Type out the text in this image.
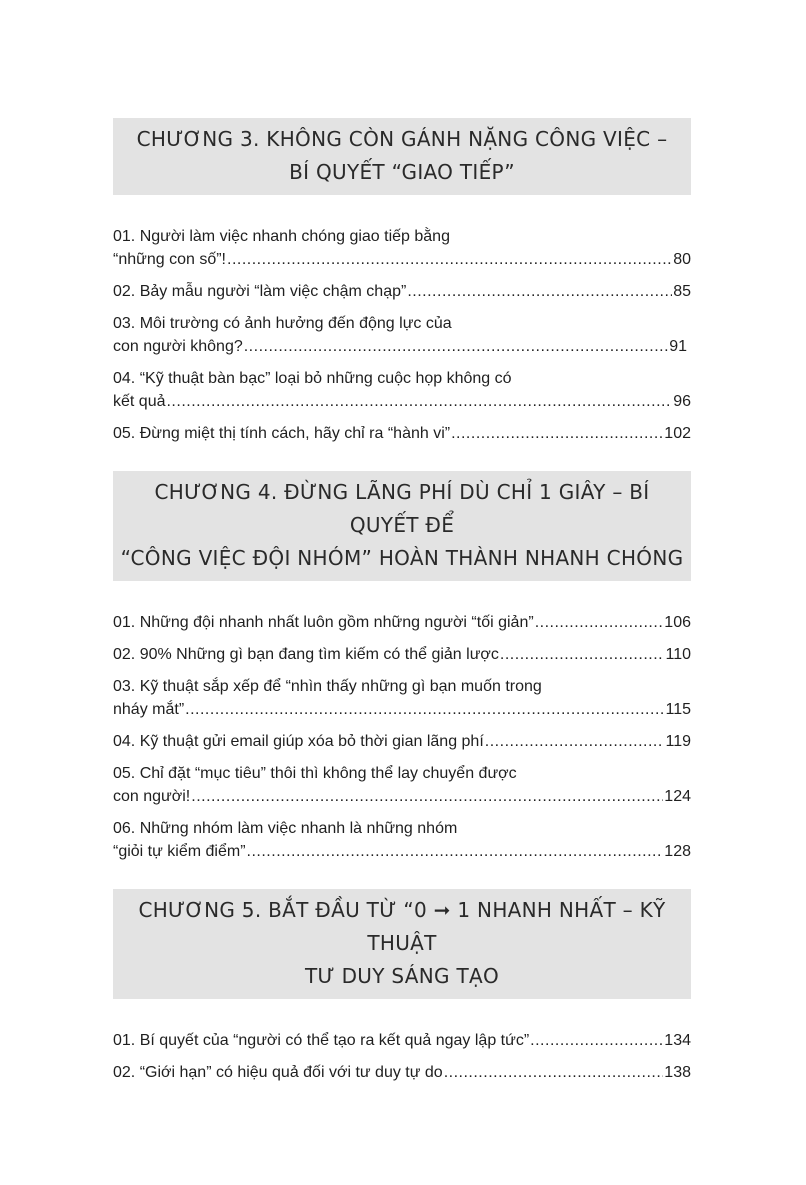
CHƯƠNG 3. KHÔNG CÒN GÁNH NẶNG CÔNG VIỆC –
BÍ QUYẾT “GIAO TIẾP”
01. Người làm việc nhanh chóng giao tiếp bằng
“những con số”! .....	80
02. Bảy mẫu người “làm việc chậm chạp” .....	85
03. Môi trường có ảnh hưởng đến động lực của
con người không? .....	91
04. “Kỹ thuật bàn bạc” loại bỏ những cuộc họp không có
kết quả .....	96
05. Đừng miệt thị tính cách, hãy chỉ ra “hành vi” .....	102
CHƯƠNG 4. ĐỪNG LÃNG PHÍ DÙ CHỈ 1 GIÂY – BÍ QUYẾT ĐỂ
“CÔNG VIỆC ĐỘI NHÓM” HOÀN THÀNH NHANH CHÓNG
01. Những đội nhanh nhất luôn gồm những người “tối giản” .....	106
02. 90% Những gì bạn đang tìm kiếm có thể giản lược .....	110
03. Kỹ thuật sắp xếp để “nhìn thấy những gì bạn muốn trong
nháy mắt” .....	115
04. Kỹ thuật gửi email giúp xóa bỏ thời gian lãng phí .....	119
05. Chỉ đặt “mục tiêu” thôi thì không thể lay chuyển được
con người! .....	124
06. Những nhóm làm việc nhanh là những nhóm
“giỏi tự kiểm điểm” .....	128
CHƯƠNG 5. BẮT ĐẦU TỪ “0 ➞ 1 NHANH NHẤT – KỸ THUẬT
TƯ DUY SÁNG TẠO
01. Bí quyết của “người có thể tạo ra kết quả ngay lập tức” .....	134
02. “Giới hạn” có hiệu quả đối với tư duy tự do .....	138
